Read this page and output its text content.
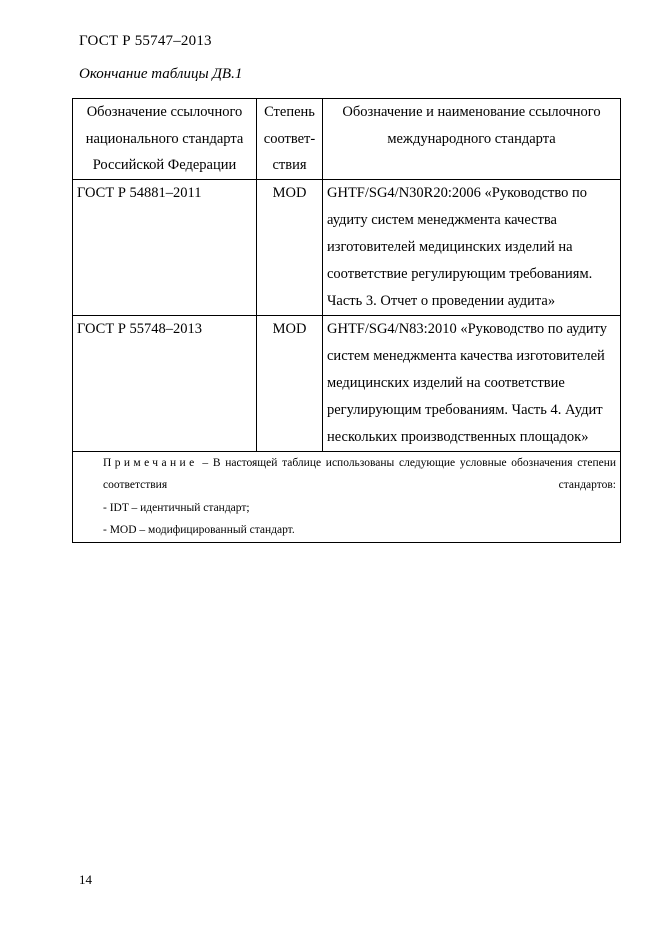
ГОСТ Р 55747–2013
Окончание таблицы ДВ.1
Обозначение ссылочного национального стандарта Российской Федерации	Степень соответ-ствия	Обозначение и наименование ссылочного международного стандарта
ГОСТ Р 54881–2011	MOD	GHTF/SG4/N30R20:2006 «Руководство по аудиту систем менеджмента качества изготовителей медицинских изделий на соответствие регулирующим требованиям. Часть 3. Отчет о проведении аудита»
ГОСТ Р 55748–2013	MOD	GHTF/SG4/N83:2010 «Руководство по аудиту систем менеджмента качества изготовителей медицинских изделий на соответствие регулирующим требованиям. Часть 4. Аудит нескольких производственных площадок»

Примечание – В настоящей таблице использованы следующие условные обозначения степени соответствия стандартов:
- IDT – идентичный стандарт;
- MOD – модифицированный стандарт.		
14
